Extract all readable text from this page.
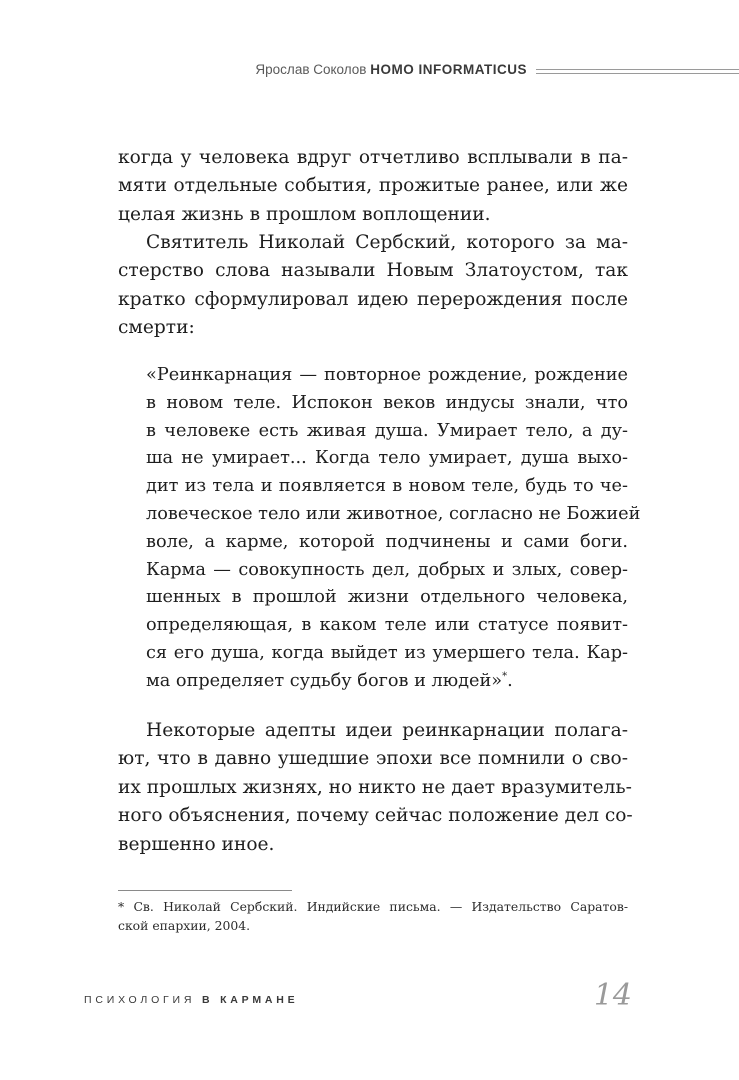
Ярослав Соколов HOMO INFORMATICUS
когда у человека вдруг отчетливо всплывали в па-
мяти отдельные события, прожитые ранее, или же
целая жизнь в прошлом воплощении.
Святитель Николай Сербский, которого за ма-
стерство слова называли Новым Златоустом, так
кратко сформулировал идею перерождения после
смерти:
«Реинкарнация — повторное рождение, рождение
в новом теле. Испокон веков индусы знали, что
в человеке есть живая душа. Умирает тело, а ду-
ша не умирает... Когда тело умирает, душа выхо-
дит из тела и появляется в новом теле, будь то че-
ловеческое тело или животное, согласно не Божией
воле, а карме, которой подчинены и сами боги.
Карма — совокупность дел, добрых и злых, совер-
шенных в прошлой жизни отдельного человека,
определяющая, в каком теле или статусе появит-
ся его душа, когда выйдет из умершего тела. Кар-
ма определяет судьбу богов и людей»*.
Некоторые адепты идеи реинкарнации полага-
ют, что в давно ушедшие эпохи все помнили о сво-
их прошлых жизнях, но никто не дает вразумитель-
ного объяснения, почему сейчас положение дел со-
вершенно иное.
* Св. Николай Сербский. Индийские письма. — Издательство Саратов-
ской епархии, 2004.
ПСИХОЛОГИЯ В КАРМАНЕ	14
